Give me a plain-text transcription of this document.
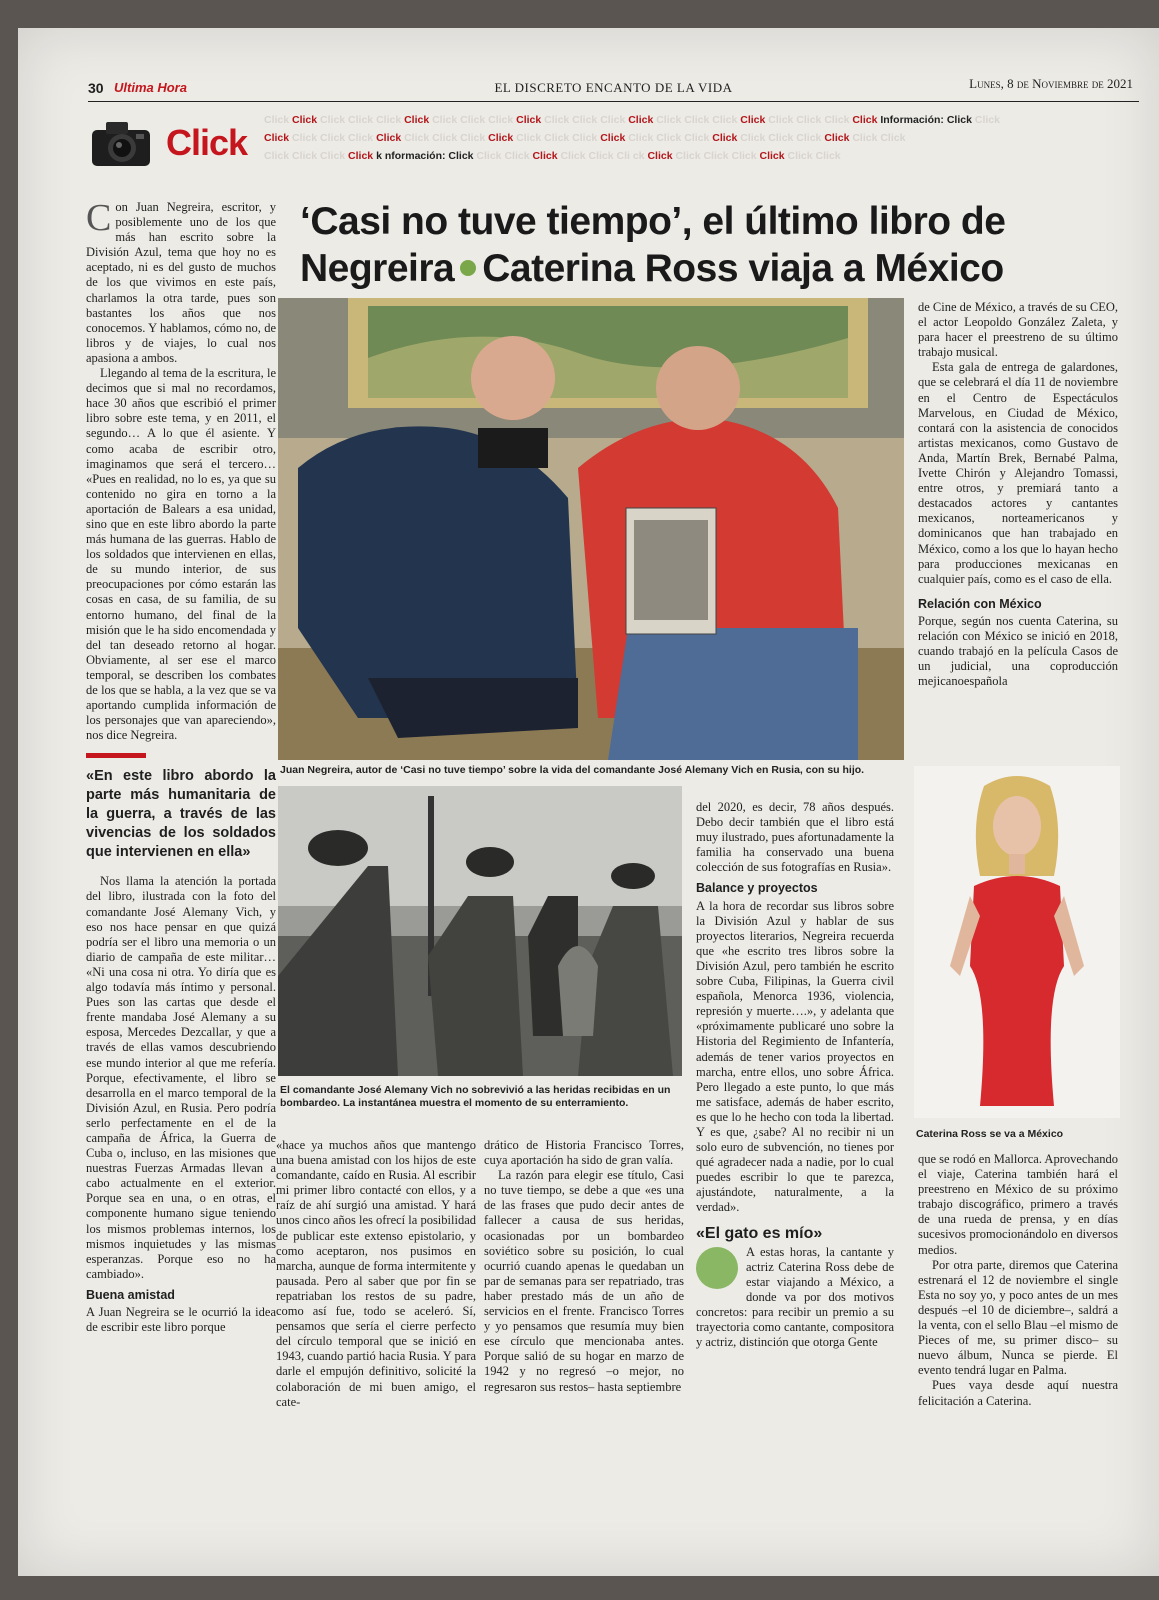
30 Ultima Hora	EL DISCRETO ENCANTO DE LA VIDA	Lunes, 8 de Noviembre de 2021
Click
Click Click Click Click Click Click Click Click Click Click Click Click Click Click Click Click Click Click Click Click Click Click Información: Click Click
Click Click Click Click Click Click Click Click Click Click Click Click Click Click Click Click Click Click Click Click Click Click Click
Click Click Click Click k nformación: Click Click Click Click Click Click Cli ck Click Click Click Click Click Click Click
‘Casi no tuve tiempo’, el último libro de
Negreira Caterina Ross viaja a México

Con Juan Negreira, escritor, y posiblemente uno de los que más han escrito sobre la División Azul, tema que hoy no es aceptado, ni es del gusto de muchos de los que vivimos en este país, charlamos la otra tarde, pues son bastantes los años que nos conocemos. Y hablamos, cómo no, de libros y de viajes, lo cual nos apasiona a ambos.

Llegando al tema de la escritura, le decimos que si mal no recordamos, hace 30 años que escribió el primer libro sobre este tema, y en 2011, el segundo… A lo que él asiente. Y como acaba de escribir otro, imaginamos que será el tercero… «Pues en realidad, no lo es, ya que su contenido no gira en torno a la aportación de Balears a esa unidad, sino que en este libro abordo la parte más humana de las guerras. Hablo de los soldados que intervienen en ellas, de su mundo interior, de sus preocupaciones por cómo estarán las cosas en casa, de su familia, de su entorno humano, del final de la misión que le ha sido encomendada y del tan deseado retorno al hogar. Obviamente, al ser ese el marco temporal, se describen los combates de los que se habla, a la vez que se va aportando cumplida información de los personajes que van apareciendo», nos dice Negreira.

«En este libro abordo la parte más humanitaria de la guerra, a través de las vivencias de los soldados que intervienen en ella»

Nos llama la atención la portada del libro, ilustrada con la foto del comandante José Alemany Vich, y eso nos hace pensar en que quizá podría ser el libro una memoria o un diario de campaña de este militar… «Ni una cosa ni otra. Yo diría que es algo todavía más íntimo y personal. Pues son las cartas que desde el frente mandaba José Alemany a su esposa, Mercedes Dezcallar, y que a través de ellas vamos descubriendo ese mundo interior al que me refería. Porque, efectivamente, el libro se desarrolla en el marco temporal de la División Azul, en Rusia. Pero podría serlo perfectamente en el de la campaña de África, la Guerra de Cuba o, incluso, en las misiones que nuestras Fuerzas Armadas llevan a cabo actualmente en el exterior. Porque sea en una, o en otras, el componente humano sigue teniendo los mismos problemas internos, los mismos inquietudes y las mismas esperanzas. Porque eso no ha cambiado».

Buena amistad

A Juan Negreira se le ocurrió la idea de escribir este libro porque

Juan Negreira, autor de ‘Casi no tuve tiempo’ sobre la vida del comandante José Alemany Vich en Rusia, con su hijo.
El comandante José Alemany Vich no sobrevivió a las heridas recibidas en un bombardeo. La instantánea muestra el momento de su enterramiento.

«hace ya muchos años que mantengo una buena amistad con los hijos de este comandante, caído en Rusia. Al escribir mi primer libro contacté con ellos, y a raíz de ahí surgió una amistad. Y hará unos cinco años les ofrecí la posibilidad de publicar este extenso epistolario, y como aceptaron, nos pusimos en marcha, aunque de forma intermitente y pausada. Pero al saber que por fin se repatriaban los restos de su padre, como así fue, todo se aceleró. Sí, pensamos que sería el cierre perfecto del círculo temporal que se inició en 1943, cuando partió hacia Rusia. Y para darle el empujón definitivo, solicité la colaboración de mi buen amigo, el cate-

drático de Historia Francisco Torres, cuya aportación ha sido de gran valía.

La razón para elegir ese título, Casi no tuve tiempo, se debe a que «es una de las frases que pudo decir antes de fallecer a causa de sus heridas, ocasionadas por un bombardeo soviético sobre su posición, lo cual ocurrió cuando apenas le quedaban un par de semanas para ser repatriado, tras haber prestado más de un año de servicios en el frente. Francisco Torres y yo pensamos que resumía muy bien ese círculo que mencionaba antes. Porque salió de su hogar en marzo de 1942 y no regresó –o mejor, no regresaron sus restos– hasta septiembre

del 2020, es decir, 78 años después. Debo decir también que el libro está muy ilustrado, pues afortunadamente la familia ha conservado una buena colección de sus fotografías en Rusia».

Balance y proyectos

A la hora de recordar sus libros sobre la División Azul y hablar de sus proyectos literarios, Negreira recuerda que «he escrito tres libros sobre la División Azul, pero también he escrito sobre Cuba, Filipinas, la Guerra civil española, Menorca 1936, violencia, represión y muerte….», y adelanta que «próximamente publicaré uno sobre la Historia del Regimiento de Infantería, además de tener varios proyectos en marcha, entre ellos, uno sobre África. Pero llegado a este punto, lo que más me satisface, además de haber escrito, es que lo he hecho con toda la libertad. Y es que, ¿sabe? Al no recibir ni un solo euro de subvención, no tienes por qué agradecer nada a nadie, por lo cual puedes escribir lo que te parezca, ajustándote, naturalmente, a la verdad».

«El gato es mío»

A estas horas, la cantante y actriz Caterina Ross debe de estar viajando a México, a donde va por dos motivos concretos: para recibir un premio a su trayectoria como cantante, compositora y actriz, distinción que otorga Gente

de Cine de México, a través de su CEO, el actor Leopoldo González Zaleta, y para hacer el preestreno de su último trabajo musical.

Esta gala de entrega de galardones, que se celebrará el día 11 de noviembre en el Centro de Espectáculos Marvelous, en Ciudad de México, contará con la asistencia de conocidos artistas mexicanos, como Gustavo de Anda, Martín Brek, Bernabé Palma, Ivette Chirón y Alejandro Tomassi, entre otros, y premiará tanto a destacados actores y cantantes mexicanos, norteamericanos y dominicanos que han trabajado en México, como a los que lo hayan hecho para producciones mexicanas en cualquier país, como es el caso de ella.

Relación con México

Porque, según nos cuenta Caterina, su relación con México se inició en 2018, cuando trabajó en la película Casos de un judicial, una coproducción mejicanoespañola

Caterina Ross se va a México

que se rodó en Mallorca. Aprovechando el viaje, Caterina también hará el preestreno en México de su próximo trabajo discográfico, primero a través de una rueda de prensa, y en días sucesivos promocionándolo en diversos medios.

Por otra parte, diremos que Caterina estrenará el 12 de noviembre el single Esta no soy yo, y poco antes de un mes después –el 10 de diciembre–, saldrá a la venta, con el sello Blau –el mismo de Pieces of me, su primer disco– su nuevo álbum, Nunca se pierde. El evento tendrá lugar en Palma.

Pues vaya desde aquí nuestra felicitación a Caterina.
